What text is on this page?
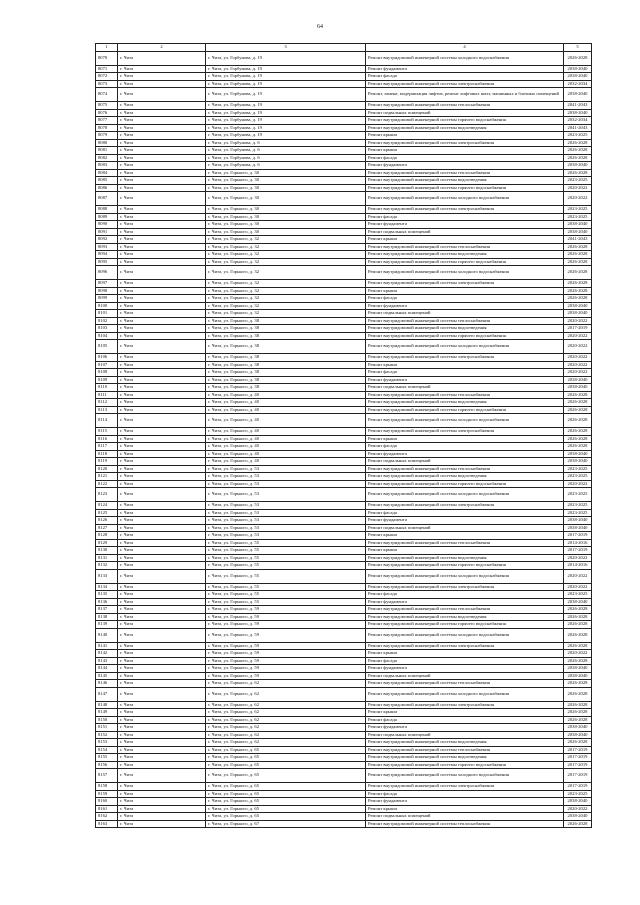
64
1	2	3	4	5
8070	г. Чита	г. Чита, ул. Горбунова, д. 19	Ремонт внутридомовой инженерной системы холодного водоснабжения	2026-2028
8071	г. Чита	г. Чита, ул. Горбунова, д. 19	Ремонт фундамента	2038-2040
8072	г. Чита	г. Чита, ул. Горбунова, д. 19	Ремонт фасада	2038-2040
8073	г. Чита	г. Чита, ул. Горбунова, д. 19	Ремонт внутридомовой инженерной системы электроснабжения	2032-2034
8074	г. Чита	г. Чита, ул. Горбунова, д. 19	Ремонт, замена, модернизация лифтов, ремонт лифтовых шахт, машинных и блочных помещений	2038-2040
8075	г. Чита	г. Чита, ул. Горбунова, д. 19	Ремонт внутридомовой инженерной системы теплоснабжения	2041-2043
8076	г. Чита	г. Чита, ул. Горбунова, д. 19	Ремонт подвальных помещений	2038-2040
8077	г. Чита	г. Чита, ул. Горбунова, д. 19	Ремонт внутридомовой инженерной системы горячего водоснабжения	2032-2034
8078	г. Чита	г. Чита, ул. Горбунова, д. 19	Ремонт внутридомовой инженерной системы водоотведения	2041-2043
8079	г. Чита	г. Чита, ул. Горбунова, д. 19	Ремонт крыши	2023-2025
8080	г. Чита	г. Чита, ул. Горбунова, д. 6	Ремонт внутридомовой инженерной системы электроснабжения	2026-2028
8081	г. Чита	г. Чита, ул. Горбунова, д. 6	Ремонт крыши	2026-2028
8082	г. Чита	г. Чита, ул. Горбунова, д. 6	Ремонт фасада	2026-2028
8083	г. Чита	г. Чита, ул. Горбунова, д. 6	Ремонт фундамента	2038-2040
8084	г. Чита	г. Чита, ул. Горького, д. 30	Ремонт внутридомовой инженерной системы теплоснабжения	2026-2028
8085	г. Чита	г. Чита, ул. Горького, д. 30	Ремонт внутридомовой инженерной системы водоотведения	2023-2025
8086	г. Чита	г. Чита, ул. Горького, д. 30	Ремонт внутридомовой инженерной системы горячего водоснабжения	2020-2022
8087	г. Чита	г. Чита, ул. Горького, д. 30	Ремонт внутридомовой инженерной системы холодного водоснабжения	2020-2022
8088	г. Чита	г. Чита, ул. Горького, д. 30	Ремонт внутридомовой инженерной системы электроснабжения	2023-2025
8089	г. Чита	г. Чита, ул. Горького, д. 30	Ремонт фасада	2023-2025
8090	г. Чита	г. Чита, ул. Горького, д. 30	Ремонт фундамента	2038-2040
8091	г. Чита	г. Чита, ул. Горького, д. 30	Ремонт подвальных помещений	2038-2040
8092	г. Чита	г. Чита, ул. Горького, д. 32	Ремонт крыши	2041-2043
8093	г. Чита	г. Чита, ул. Горького, д. 32	Ремонт внутридомовой инженерной системы теплоснабжения	2026-2028
8094	г. Чита	г. Чита, ул. Горького, д. 32	Ремонт внутридомовой инженерной системы водоотведения	2026-2028
8095	г. Чита	г. Чита, ул. Горького, д. 32	Ремонт внутридомовой инженерной системы горячего водоснабжения	2026-2028
8096	г. Чита	г. Чита, ул. Горького, д. 32	Ремонт внутридомовой инженерной системы холодного водоснабжения	2026-2028
8097	г. Чита	г. Чита, ул. Горького, д. 32	Ремонт внутридомовой инженерной системы электроснабжения	2026-2028
8098	г. Чита	г. Чита, ул. Горького, д. 32	Ремонт крыши	2026-2028
8099	г. Чита	г. Чита, ул. Горького, д. 32	Ремонт фасада	2026-2028
8100	г. Чита	г. Чита, ул. Горького, д. 32	Ремонт фундамента	2038-2040
8101	г. Чита	г. Чита, ул. Горького, д. 32	Ремонт подвальных помещений	2038-2040
8102	г. Чита	г. Чита, ул. Горького, д. 38	Ремонт внутридомовой инженерной системы теплоснабжения	2020-2022
8103	г. Чита	г. Чита, ул. Горького, д. 38	Ремонт внутридомовой инженерной системы водоотведения	2017-2019
8104	г. Чита	г. Чита, ул. Горького, д. 38	Ремонт внутридомовой инженерной системы горячего водоснабжения	2020-2022
8105	г. Чита	г. Чита, ул. Горького, д. 38	Ремонт внутридомовой инженерной системы холодного водоснабжения	2020-2022
8106	г. Чита	г. Чита, ул. Горького, д. 38	Ремонт внутридомовой инженерной системы электроснабжения	2020-2022
8107	г. Чита	г. Чита, ул. Горького, д. 38	Ремонт крыши	2020-2022
8108	г. Чита	г. Чита, ул. Горького, д. 38	Ремонт фасада	2020-2022
8109	г. Чита	г. Чита, ул. Горького, д. 38	Ремонт фундамента	2038-2040
8110	г. Чита	г. Чита, ул. Горького, д. 38	Ремонт подвальных помещений	2038-2040
8111	г. Чита	г. Чита, ул. Горького, д. 40	Ремонт внутридомовой инженерной системы теплоснабжения	2026-2028
8112	г. Чита	г. Чита, ул. Горького, д. 40	Ремонт внутридомовой инженерной системы водоотведения	2026-2028
8113	г. Чита	г. Чита, ул. Горького, д. 40	Ремонт внутридомовой инженерной системы горячего водоснабжения	2026-2028
8114	г. Чита	г. Чита, ул. Горького, д. 40	Ремонт внутридомовой инженерной системы холодного водоснабжения	2026-2028
8115	г. Чита	г. Чита, ул. Горького, д. 40	Ремонт внутридомовой инженерной системы электроснабжения	2026-2028
8116	г. Чита	г. Чита, ул. Горького, д. 40	Ремонт крыши	2026-2028
8117	г. Чита	г. Чита, ул. Горького, д. 40	Ремонт фасада	2026-2028
8118	г. Чита	г. Чита, ул. Горького, д. 40	Ремонт фундамента	2038-2040
8119	г. Чита	г. Чита, ул. Горького, д. 40	Ремонт подвальных помещений	2038-2040
8120	г. Чита	г. Чита, ул. Горького, д. 53	Ремонт внутридомовой инженерной системы теплоснабжения	2023-2025
8121	г. Чита	г. Чита, ул. Горького, д. 53	Ремонт внутридомовой инженерной системы водоотведения	2023-2025
8122	г. Чита	г. Чита, ул. Горького, д. 53	Ремонт внутридомовой инженерной системы горячего водоснабжения	2020-2022
8123	г. Чита	г. Чита, ул. Горького, д. 53	Ремонт внутридомовой инженерной системы холодного водоснабжения	2023-2025
8124	г. Чита	г. Чита, ул. Горького, д. 53	Ремонт внутридомовой инженерной системы электроснабжения	2023-2025
8125	г. Чита	г. Чита, ул. Горького, д. 53	Ремонт фасада	2023-2025
8126	г. Чита	г. Чита, ул. Горького, д. 53	Ремонт фундамента	2038-2040
8127	г. Чита	г. Чита, ул. Горького, д. 53	Ремонт подвальных помещений	2038-2040
8128	г. Чита	г. Чита, ул. Горького, д. 53	Ремонт крыши	2017-2019
8129	г. Чита	г. Чита, ул. Горького, д. 55	Ремонт внутридомовой инженерной системы теплоснабжения	2014-2016
8130	г. Чита	г. Чита, ул. Горького, д. 55	Ремонт крыши	2017-2019
8131	г. Чита	г. Чита, ул. Горького, д. 55	Ремонт внутридомовой инженерной системы водоотведения	2020-2022
8132	г. Чита	г. Чита, ул. Горького, д. 55	Ремонт внутридомовой инженерной системы горячего водоснабжения	2014-2016
8133	г. Чита	г. Чита, ул. Горького, д. 55	Ремонт внутридомовой инженерной системы холодного водоснабжения	2020-2022
8134	г. Чита	г. Чита, ул. Горького, д. 55	Ремонт внутридомовой инженерной системы электроснабжения	2020-2022
8135	г. Чита	г. Чита, ул. Горького, д. 55	Ремонт фасада	2023-2025
8136	г. Чита	г. Чита, ул. Горького, д. 55	Ремонт фундамента	2038-2040
8137	г. Чита	г. Чита, ул. Горького, д. 59	Ремонт внутридомовой инженерной системы теплоснабжения	2026-2028
8138	г. Чита	г. Чита, ул. Горького, д. 59	Ремонт внутридомовой инженерной системы водоотведения	2026-2028
8139	г. Чита	г. Чита, ул. Горького, д. 59	Ремонт внутридомовой инженерной системы горячего водоснабжения	2026-2028
8140	г. Чита	г. Чита, ул. Горького, д. 59	Ремонт внутридомовой инженерной системы холодного водоснабжения	2026-2028
8141	г. Чита	г. Чита, ул. Горького, д. 59	Ремонт внутридомовой инженерной системы электроснабжения	2026-2028
8142	г. Чита	г. Чита, ул. Горького, д. 59	Ремонт крыши	2020-2022
8143	г. Чита	г. Чита, ул. Горького, д. 59	Ремонт фасада	2026-2028
8144	г. Чита	г. Чита, ул. Горького, д. 59	Ремонт фундамента	2038-2040
8145	г. Чита	г. Чита, ул. Горького, д. 59	Ремонт подвальных помещений	2038-2040
8146	г. Чита	г. Чита, ул. Горького, д. 62	Ремонт внутридомовой инженерной системы теплоснабжения	2026-2028
8147	г. Чита	г. Чита, ул. Горького, д. 62	Ремонт внутридомовой инженерной системы холодного водоснабжения	2026-2028
8148	г. Чита	г. Чита, ул. Горького, д. 62	Ремонт внутридомовой инженерной системы электроснабжения	2026-2028
8149	г. Чита	г. Чита, ул. Горького, д. 62	Ремонт крыши	2026-2028
8150	г. Чита	г. Чита, ул. Горького, д. 62	Ремонт фасада	2026-2028
8151	г. Чита	г. Чита, ул. Горького, д. 62	Ремонт фундамента	2038-2040
8152	г. Чита	г. Чита, ул. Горького, д. 62	Ремонт подвальных помещений	2038-2040
8153	г. Чита	г. Чита, ул. Горького, д. 62	Ремонт внутридомовой инженерной системы водоотведения	2026-2028
8154	г. Чита	г. Чита, ул. Горького, д. 65	Ремонт внутридомовой инженерной системы теплоснабжения	2017-2019
8155	г. Чита	г. Чита, ул. Горького, д. 65	Ремонт внутридомовой инженерной системы водоотведения	2017-2019
8156	г. Чита	г. Чита, ул. Горького, д. 65	Ремонт внутридомовой инженерной системы горячего водоснабжения	2017-2019
8157	г. Чита	г. Чита, ул. Горького, д. 65	Ремонт внутридомовой инженерной системы холодного водоснабжения	2017-2019
8158	г. Чита	г. Чита, ул. Горького, д. 65	Ремонт внутридомовой инженерной системы электроснабжения	2017-2019
8159	г. Чита	г. Чита, ул. Горького, д. 65	Ремонт фасада	2023-2025
8160	г. Чита	г. Чита, ул. Горького, д. 65	Ремонт фундамента	2038-2040
8161	г. Чита	г. Чита, ул. Горького, д. 65	Ремонт крыши	2020-2022
8162	г. Чита	г. Чита, ул. Горького, д. 65	Ремонт подвальных помещений	2038-2040
8163	г. Чита	г. Чита, ул. Горького, д. 67	Ремонт внутридомовой инженерной системы теплоснабжения	2026-2028
